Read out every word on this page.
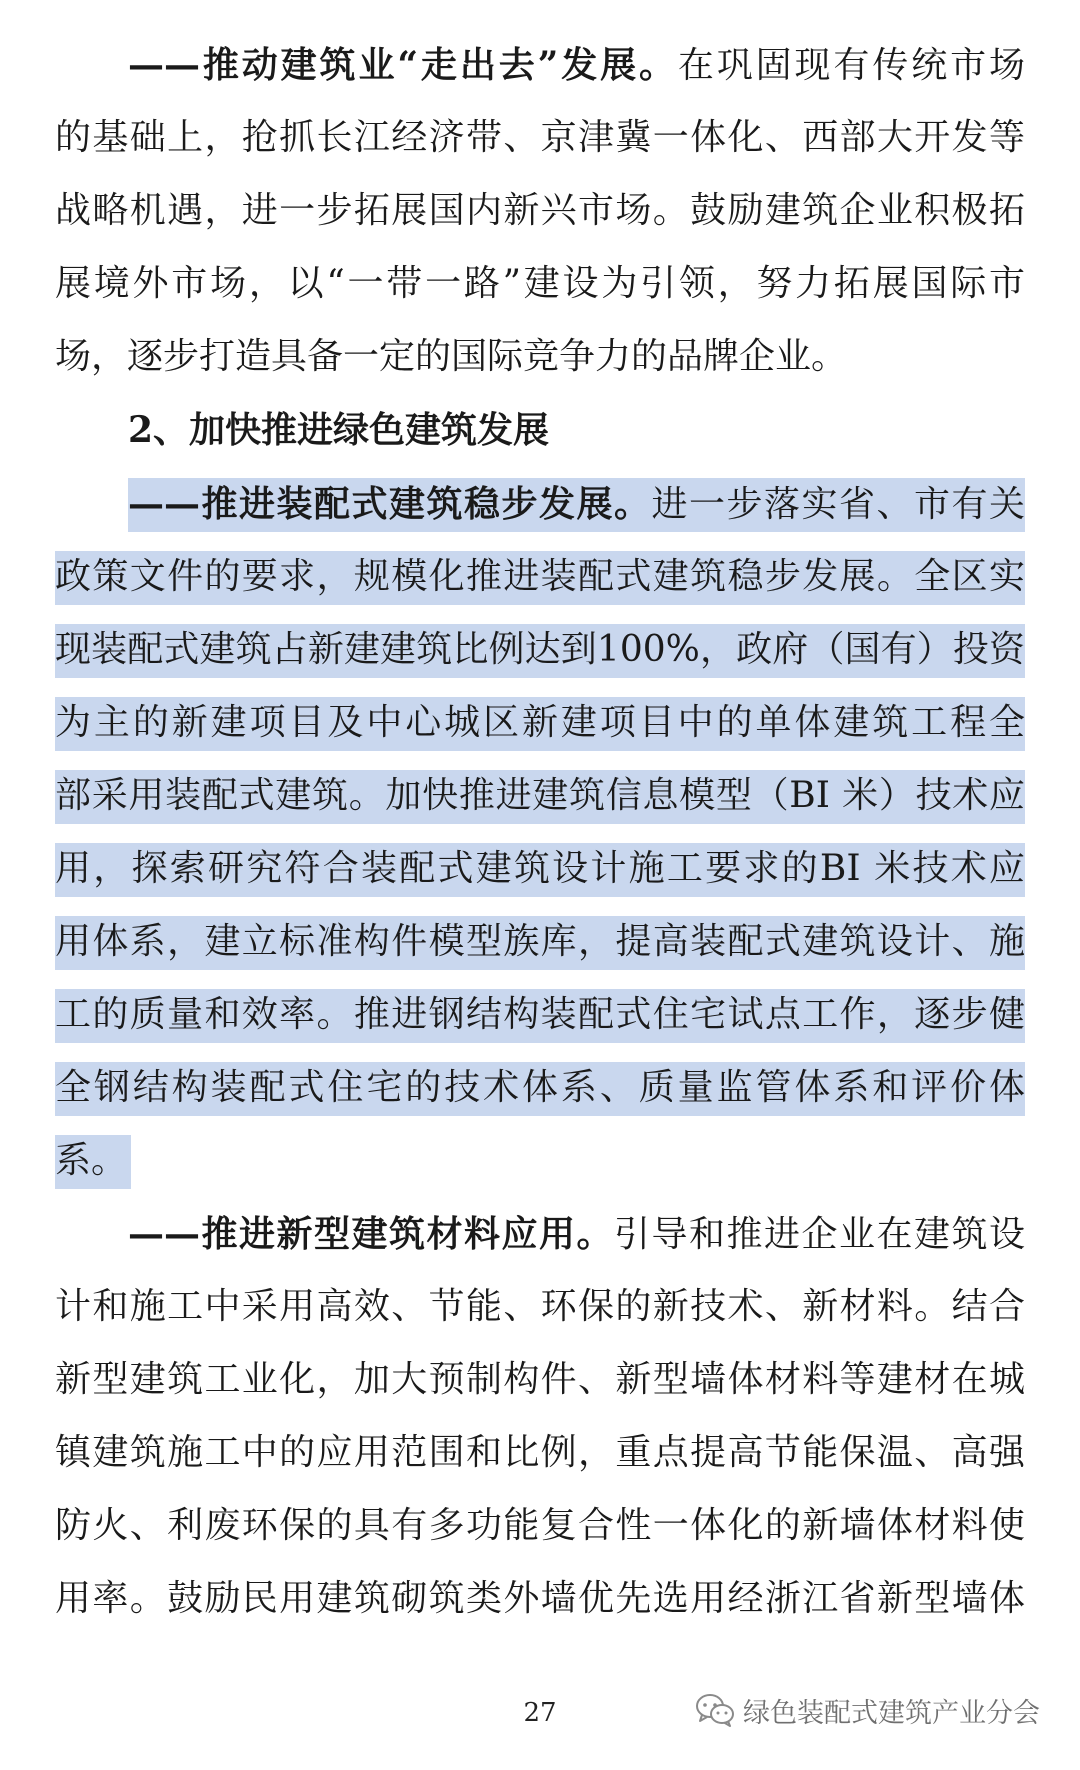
——推动建筑业“走出去”发展。在巩固现有传统市场
的基础上，抢抓长江经济带、京津冀一体化、西部大开发等
战略机遇，进一步拓展国内新兴市场。鼓励建筑企业积极拓
展境外市场，以“一带一路”建设为引领，努力拓展国际市
场，逐步打造具备一定的国际竞争力的品牌企业。
2、加快推进绿色建筑发展
——推进装配式建筑稳步发展。进一步落实省、市有关
政策文件的要求，规模化推进装配式建筑稳步发展。全区实
现装配式建筑占新建建筑比例达到100%，政府（国有）投资
为主的新建项目及中心城区新建项目中的单体建筑工程全
部采用装配式建筑。加快推进建筑信息模型（BI 米）技术应
用，探索研究符合装配式建筑设计施工要求的BI 米技术应
用体系，建立标准构件模型族库，提高装配式建筑设计、施
工的质量和效率。推进钢结构装配式住宅试点工作，逐步健
全钢结构装配式住宅的技术体系、质量监管体系和评价体
系。
——推进新型建筑材料应用。引导和推进企业在建筑设
计和施工中采用高效、节能、环保的新技术、新材料。结合
新型建筑工业化，加大预制构件、新型墙体材料等建材在城
镇建筑施工中的应用范围和比例，重点提高节能保温、高强
防火、利废环保的具有多功能复合性一体化的新墙体材料使
用率。鼓励民用建筑砌筑类外墙优先选用经浙江省新型墙体
27	绿色装配式建筑产业分会
